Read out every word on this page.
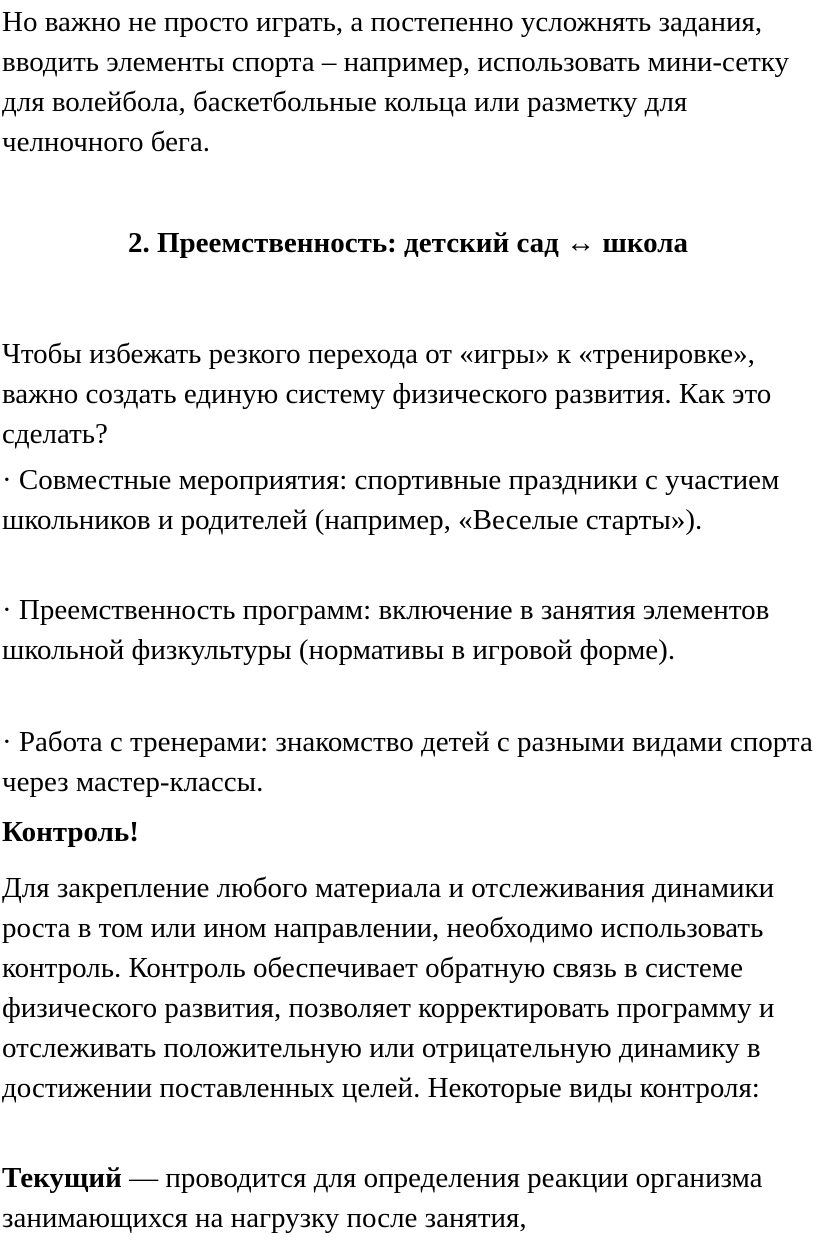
Но важно не просто играть, а постепенно усложнять задания, вводить элементы спорта – например, использовать мини-сетку для волейбола, баскетбольные кольца или разметку для челночного бега.

2. Преемственность: детский сад ↔ школа

Чтобы избежать резкого перехода от «игры» к «тренировке», важно создать единую систему физического развития. Как это сделать?

· Совместные мероприятия: спортивные праздники с участием школьников и родителей (например, «Веселые старты»).

· Преемственность программ: включение в занятия элементов школьной физкультуры (нормативы в игровой форме).

· Работа с тренерами: знакомство детей с разными видами спорта через мастер-классы.

Контроль!

Для закрепление любого материала и отслеживания динамики роста в том или ином направлении, необходимо использовать контроль. Контроль обеспечивает обратную связь в системе физического развития, позволяет корректировать программу и отслеживать положительную или отрицательную динамику в достижении поставленных целей. Некоторые виды контроля:

Текущий — проводится для определения реакции организма занимающихся на нагрузку после занятия,
